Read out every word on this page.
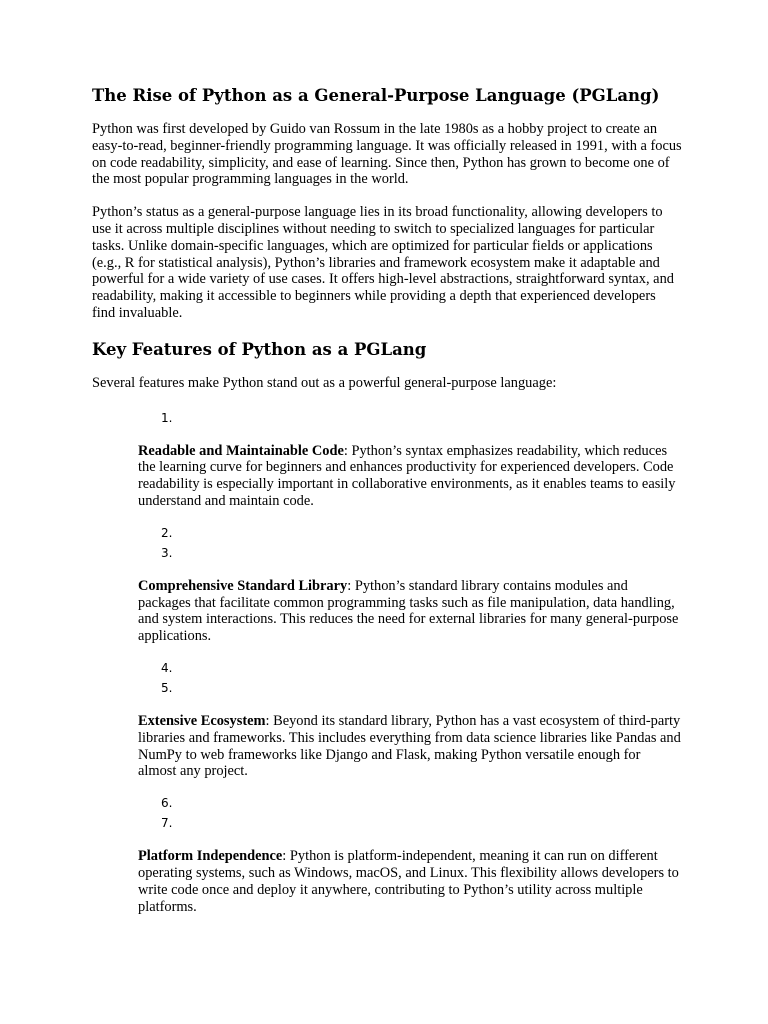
The Rise of Python as a General-Purpose Language (PGLang)

Python was first developed by Guido van Rossum in the late 1980s as a hobby project to create an easy-to-read, beginner-friendly programming language. It was officially released in 1991, with a focus on code readability, simplicity, and ease of learning. Since then, Python has grown to become one of the most popular programming languages in the world.

Python’s status as a general-purpose language lies in its broad functionality, allowing developers to use it across multiple disciplines without needing to switch to specialized languages for particular tasks. Unlike domain-specific languages, which are optimized for particular fields or applications (e.g., R for statistical analysis), Python’s libraries and framework ecosystem make it adaptable and powerful for a wide variety of use cases. It offers high-level abstractions, straightforward syntax, and readability, making it accessible to beginners while providing a depth that experienced developers find invaluable.

Key Features of Python as a PGLang

Several features make Python stand out as a powerful general-purpose language:

1.
Readable and Maintainable Code: Python’s syntax emphasizes readability, which reduces the learning curve for beginners and enhances productivity for experienced developers. Code readability is especially important in collaborative environments, as it enables teams to easily understand and maintain code.
2.
3.
Comprehensive Standard Library: Python’s standard library contains modules and packages that facilitate common programming tasks such as file manipulation, data handling, and system interactions. This reduces the need for external libraries for many general-purpose applications.
4.
5.
Extensive Ecosystem: Beyond its standard library, Python has a vast ecosystem of third-party libraries and frameworks. This includes everything from data science libraries like Pandas and NumPy to web frameworks like Django and Flask, making Python versatile enough for almost any project.
6.
7.
Platform Independence: Python is platform-independent, meaning it can run on different operating systems, such as Windows, macOS, and Linux. This flexibility allows developers to write code once and deploy it anywhere, contributing to Python’s utility across multiple platforms.
